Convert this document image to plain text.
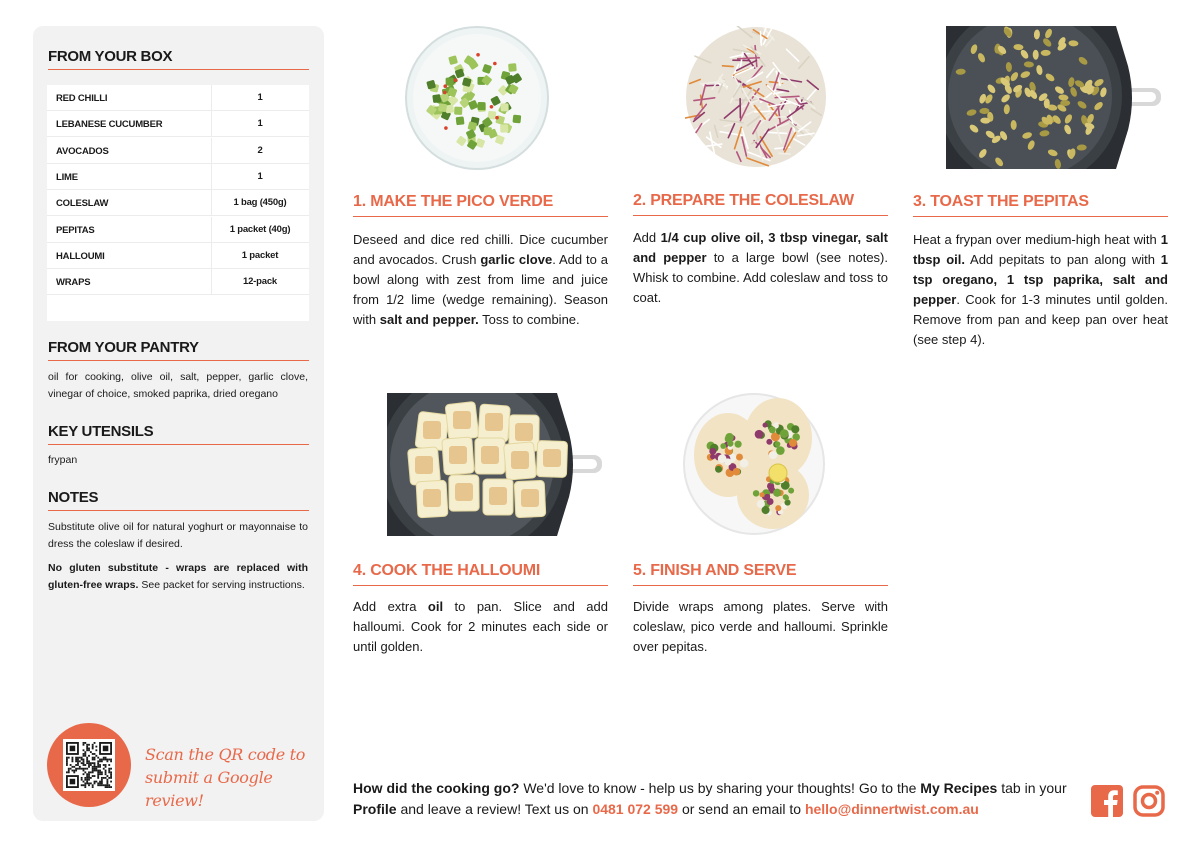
FROM YOUR BOX
RED CHILLI	1
LEBANESE CUCUMBER	1
AVOCADOS	2
LIME	1
COLESLAW	1 bag (450g)
PEPITAS	1 packet (40g)
HALLOUMI	1 packet
WRAPS	12-pack
FROM YOUR PANTRY
oil for cooking, olive oil, salt, pepper, garlic clove, vinegar of choice, smoked paprika, dried oregano
KEY UTENSILS
frypan
NOTES
Substitute olive oil for natural yoghurt or mayonnaise to dress the coleslaw if desired.
No gluten substitute - wraps are replaced with gluten-free wraps. See packet for serving instructions.
Scan the QR code to
submit a Google review!
1. MAKE THE PICO VERDE
Deseed and dice red chilli. Dice cucumber and avocados. Crush garlic clove. Add to a bowl along with zest from lime and juice from 1/2 lime (wedge remaining). Season with salt and pepper. Toss to combine.
2. PREPARE THE COLESLAW
Add 1/4 cup olive oil, 3 tbsp vinegar, salt and pepper to a large bowl (see notes). Whisk to combine. Add coleslaw and toss to coat.
3. TOAST THE PEPITAS
Heat a frypan over medium-high heat with 1 tbsp oil. Add pepitats to pan along with 1 tsp oregano, 1 tsp paprika, salt and pepper. Cook for 1-3 minutes until golden. Remove from pan and keep pan over heat (see step 4).
4. COOK THE HALLOUMI
Add extra oil to pan. Slice and add halloumi. Cook for 2 minutes each side or until golden.
5. FINISH AND SERVE
Divide wraps among plates. Serve with coleslaw, pico verde and halloumi. Sprinkle over pepitas.
How did the cooking go? We'd love to know - help us by sharing your thoughts! Go to the My Recipes tab in your Profile and leave a review! Text us on 0481 072 599 or send an email to hello@dinnertwist.com.au
